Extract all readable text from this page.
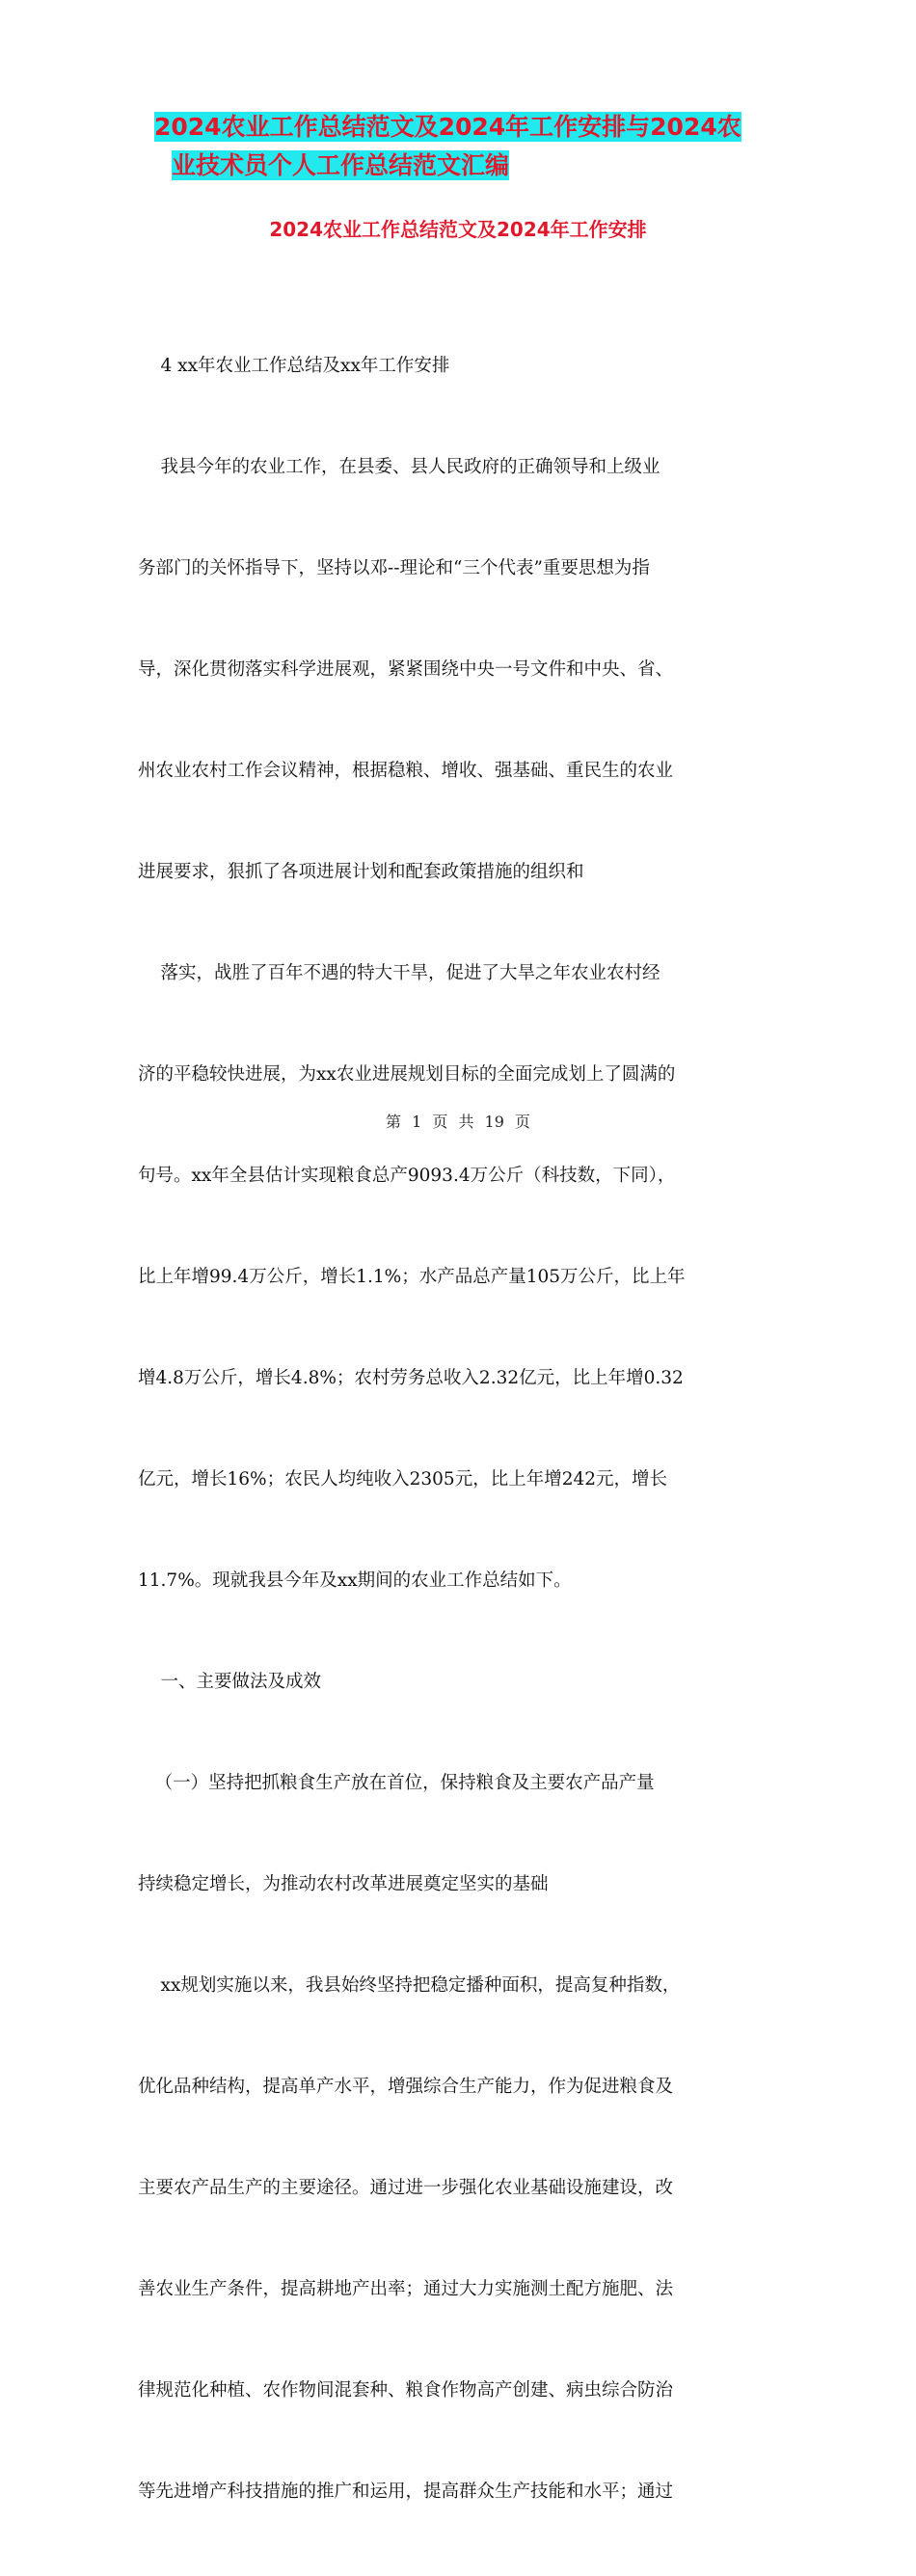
2024农业工作总结范文及2024年工作安排与2024农
业技术员个人工作总结范文汇编
2024农业工作总结范文及2024年工作安排

4 xx年农业工作总结及xx年工作安排

我县今年的农业工作，在县委、县人民政府的正确领导和上级业

务部门的关怀指导下，坚持以邓--理论和“三个代表”重要思想为指

导，深化贯彻落实科学进展观，紧紧围绕中央一号文件和中央、省、

州农业农村工作会议精神，根据稳粮、增收、强基础、重民生的农业

进展要求，狠抓了各项进展计划和配套政策措施的组织和

落实，战胜了百年不遇的特大干旱，促进了大旱之年农业农村经

济的平稳较快进展，为xx农业进展规划目标的全面完成划上了圆满的

句号。xx年全县估计实现粮食总产9093.4万公斤（科技数，下同），

比上年增99.4万公斤，增长1.1%；水产品总产量105万公斤，比上年

增4.8万公斤，增长4.8%；农村劳务总收入2.32亿元，比上年增0.32

亿元，增长16%；农民人均纯收入2305元，比上年增242元，增长

11.7%。现就我县今年及xx期间的农业工作总结如下。

一、主要做法及成效

（一）坚持把抓粮食生产放在首位，保持粮食及主要农产品产量

持续稳定增长，为推动农村改革进展奠定坚实的基础

xx规划实施以来，我县始终坚持把稳定播种面积，提高复种指数，

优化品种结构，提高单产水平，增强综合生产能力，作为促进粮食及

主要农产品生产的主要途径。通过进一步强化农业基础设施建设，改

善农业生产条件，提高耕地产出率；通过大力实施测土配方施肥、法

律规范化种植、农作物间混套种、粮食作物高产创建、病虫综合防治

等先进增产科技措施的推广和运用，提高群众生产技能和水平；通过

第 1 页 共 19 页
